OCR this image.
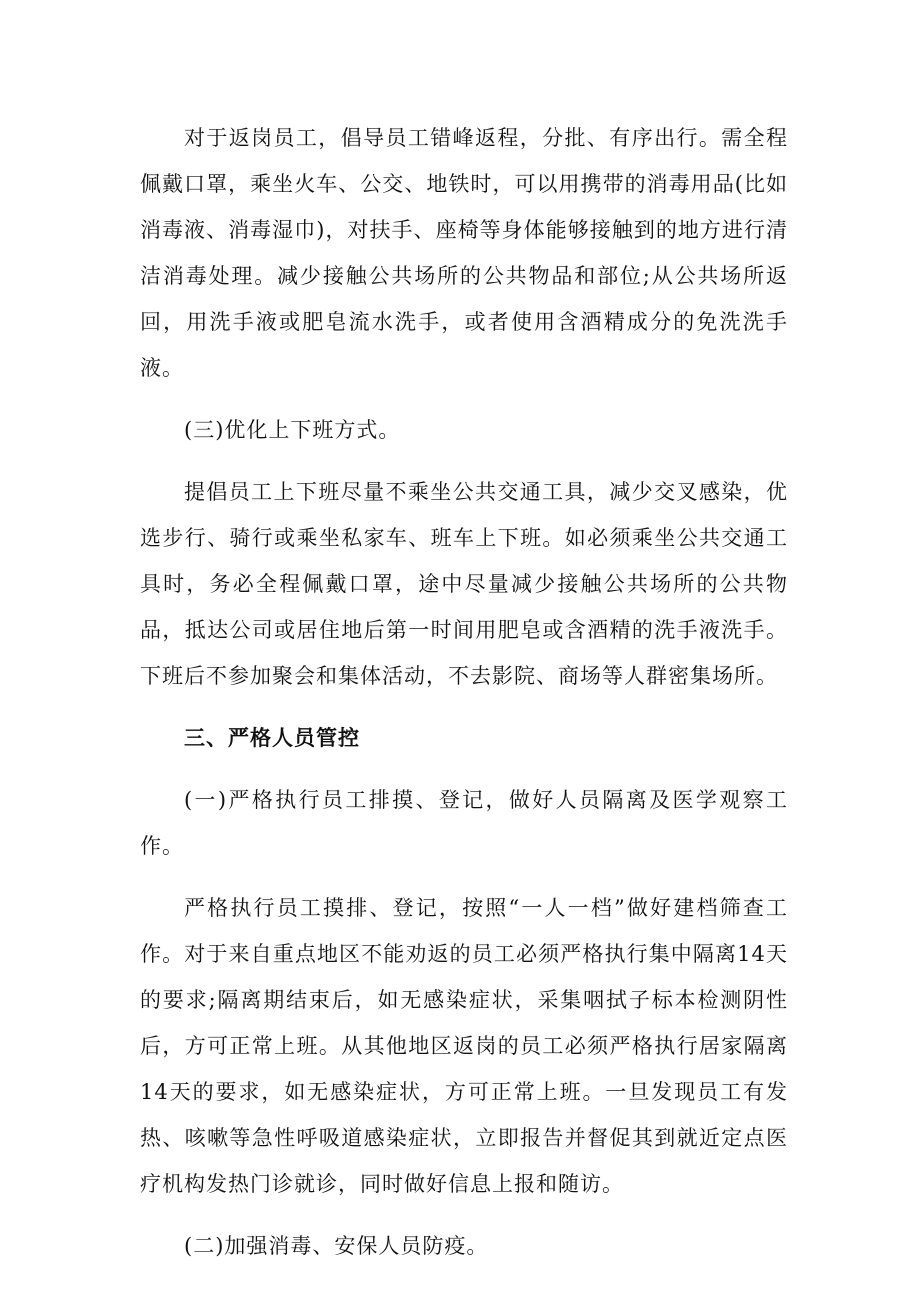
对于返岗员工，倡导员工错峰返程，分批、有序出行。需全程佩戴口罩，乘坐火车、公交、地铁时，可以用携带的消毒用品(比如消毒液、消毒湿巾)，对扶手、座椅等身体能够接触到的地方进行清洁消毒处理。减少接触公共场所的公共物品和部位;从公共场所返回，用洗手液或肥皂流水洗手，或者使用含酒精成分的免洗洗手液。

(三)优化上下班方式。

提倡员工上下班尽量不乘坐公共交通工具，减少交叉感染，优选步行、骑行或乘坐私家车、班车上下班。如必须乘坐公共交通工具时，务必全程佩戴口罩，途中尽量减少接触公共场所的公共物品，抵达公司或居住地后第一时间用肥皂或含酒精的洗手液洗手。下班后不参加聚会和集体活动，不去影院、商场等人群密集场所。

三、严格人员管控

(一)严格执行员工排摸、登记，做好人员隔离及医学观察工作。

严格执行员工摸排、登记，按照“一人一档”做好建档筛查工作。对于来自重点地区不能劝返的员工必须严格执行集中隔离14天的要求;隔离期结束后，如无感染症状，采集咽拭子标本检测阴性后，方可正常上班。从其他地区返岗的员工必须严格执行居家隔离14天的要求，如无感染症状，方可正常上班。一旦发现员工有发热、咳嗽等急性呼吸道感染症状，立即报告并督促其到就近定点医疗机构发热门诊就诊，同时做好信息上报和随访。

(二)加强消毒、安保人员防疫。
